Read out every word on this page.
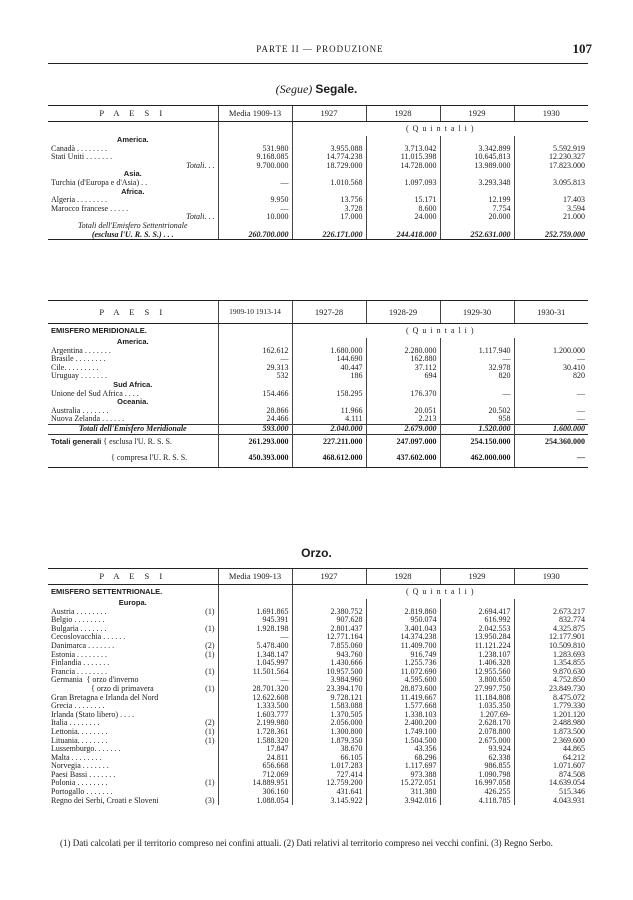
PARTE II — PRODUZIONE	107
(Segue) Segale.
P A E S I	Media 1909-13	1927	1928	1929	1930
		( Q u i n t a l i )			
America.					
Canadà . . . . . . . .	531.980	3.955.088	3.713.042	3.342.899	5.592.919
Stati Uniti . . . . . . .	9.168.085	14.774.238	11.015.398	10.645.813	12.230.327
Totali. . .	9.700.000	18.729.000	14.728.000	13.989.000	17.823.000
Asia.					
Turchia (d'Europa e d'Asia) . .	—	1.010.568	1.097.093	3.293.348	3.095.813
Africa.					
Algeria . . . . . . . .	9.950	13.756	15.171	12.199	17.403
Marocco francese . . . . .	—	3.728	8.600	7.754	3.594
Totali. . .	10.000	17.000	24.000	20.000	21.000
Totali dell'Emisfero Settentrionale					
(esclusa l'U. R. S. S.) . . .	260.700.000	226.171.000	244.418.000	252.631.000	252.759.000
P A E S I	1909-10 1913-14	1927-28	1928-29	1929-30	1930-31
EMISFERO MERIDIONALE.		( Q u i n t a l i )			
America.					
Argentina . . . . . . .	162.612	1.680.000	2.280.000	1.117.940	1.200.000
Brasile . . . . . . . .	—	144.690	162.880	—	—
Cile. . . . . . . . .	29.313	40.447	37.112	32.978	30.410
Uruguay . . . . . . .	532	186	694	820	820
Sud Africa.					
Unione del Sud Africa . . . .	154.466	158.295	176.370	—	—
Oceania.					
Australia . . . . . . .	28.866	11.966	20.051	20.502	—
Nuova Zelanda . . . . . .	24.466	4.111	2.213	958	—
Totali dell'Emisfero Meridionale	593.000	2.040.000	2.679.000	1.520.000	1.600.000
Totali generali { esclusa l'U. R. S. S.	261.293.000	227.211.000	247.097.000	254.150.000	254.360.000
{ compresa l'U. R. S. S.	450.393.000	468.612.000	437.602.000	462.000.000	—
Orzo.
P A E S I		Media 1909-13	1927	1928	1929	1930
EMISFERO SETTENTRIONALE.			( Q u i n t a l i )			
Europa.						
Austria . . . . . . . .	(1)	1.691.865	2.380.752	2.819.860	2.694.417	2.673.217
Belgio . . . . . . . .		945.391	907.628	950.074	616.992	832.774
Bulgaria . . . . . . .	(1)	1.928.198	2.801.437	3.401.043	2.042.553	4.325.875
Cecoslovacchia . . . . . .		—	12.771.164	14.374.238	13.950.284	12.177.901
Danimarca . . . . . . .	(2)	5.478.400	7.855.060	11.409.700	11.121.224	10.509.810
Estonia . . . . . . . .	(1)	1.348.147	943.760	916.749	1.238.107	1.283.693
Finlandia . . . . . . .		1.045.997	1.430.666	1.255.736	1.406.328	1.354.855
Francia . . . . . . . .	(1)	11.501.564	10.957.500	11.072.690	12.955.560	9.870.630
Germania { orzo d'inverno		—	3.984.960	4.595.600	3.800.650	4.752.850
{ orzo di primavera	(1)	28.701.320	23.394.170	28.873.600	27.997.750	23.849.730
Gran Bretagna e Irlanda del Nord		12.622.608	9.728.121	11.419.667	11.184.808	8.475.072
Grecia . . . . . . . .		1.333.500	1.583.088	1.577.668	1.035.350	1.779.330
Irlanda (Stato libero) . . . .		1.603.777	1.370.505	1.338.103	1.207.69-	1.201.120
Italia . . . . . . . .	(2)	2.199.980	2.056.000	2.400.200	2.628.170	2.488.980
Lettonia. . . . . . . .	(1)	1.728.361	1.300.800	1.749.100	2.078.800	1.873.500
Lituania. . . . . . . .	(1)	1.588.320	1.879.350	1.504.500	2.675.000	2.369.600
Lussemburgo. . . . . . .		17.847	38.670	43.356	93.924	44.865
Malta . . . . . . . .		24.811	66.105	68.296	62.338	64.212
Norvegia . . . . . . .		656.668	1.017.283	1.117.697	986.855	1.071.607
Paesi Bassi . . . . . . .		712.069	727.414	973.388	1.090.798	874.508
Polonia . . . . . . . .	(1)	14.889.951	12.759.200	15.272.051	16.997.058	14.639.054
Portogallo . . . . . . .		306.160	431.641	311.380	426.255	515.346
Regno dei Serbi, Croati e Sloveni	(3)	1.088.054	3.145.922	3.942.016	4.118.785	4.043.931
(1) Dati calcolati per il territorio compreso nei confini attuali. (2) Dati relativi al territorio compreso nei vecchi confini. (3) Regno Serbo.
